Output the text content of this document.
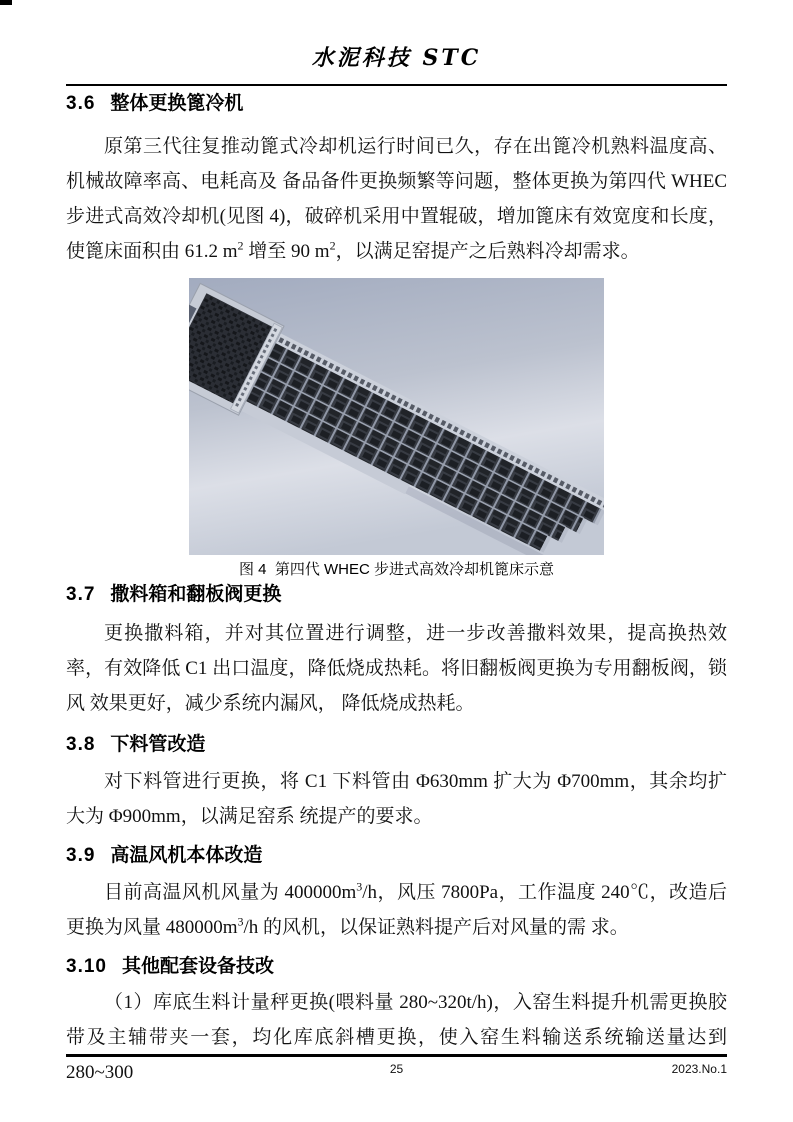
水泥科技 STC
3.6 整体更换篦冷机

原第三代往复推动篦式冷却机运行时间已久，存在出篦冷机熟料温度高、机械故障率高、电耗高及 备品备件更换频繁等问题，整体更换为第四代 WHEC 步进式高效冷却机(见图 4)，破碎机采用中置辊破，增加篦床有效宽度和长度，使篦床面积由 61.2 $m^2$ 增至 90 $m^2$，以满足窑提产之后熟料冷却需求。

图 4  第四代 WHEC 步进式高效冷却机篦床示意
3.7 撒料箱和翻板阀更换

更换撒料箱，并对其位置进行调整，进一步改善撒料效果，提高换热效率，有效降低 C1 出口温度，降低烧成热耗。将旧翻板阀更换为专用翻板阀，锁风 效果更好，减少系统内漏风， 降低烧成热耗。

3.8 下料管改造

对下料管进行更换，将 C1 下料管由 Φ630mm 扩大为 Φ700mm，其余均扩大为 Φ900mm，以满足窑系 统提产的要求。

3.9 高温风机本体改造

目前高温风机风量为 $400000m^3/h$，风压 7800Pa，工作温度 240℃，改造后更换为风量 $480000m^3/h$ 的风机，以保证熟料提产后对风量的需 求。

3.10 其他配套设备技改

（1）库底生料计量秤更换(喂料量 280~320t/h)，入窑生料提升机需更换胶带及主辅带夹一套，均化库底斜槽更换，使入窑生料输送系统输送量达到 280~300	25	2023.No.1
